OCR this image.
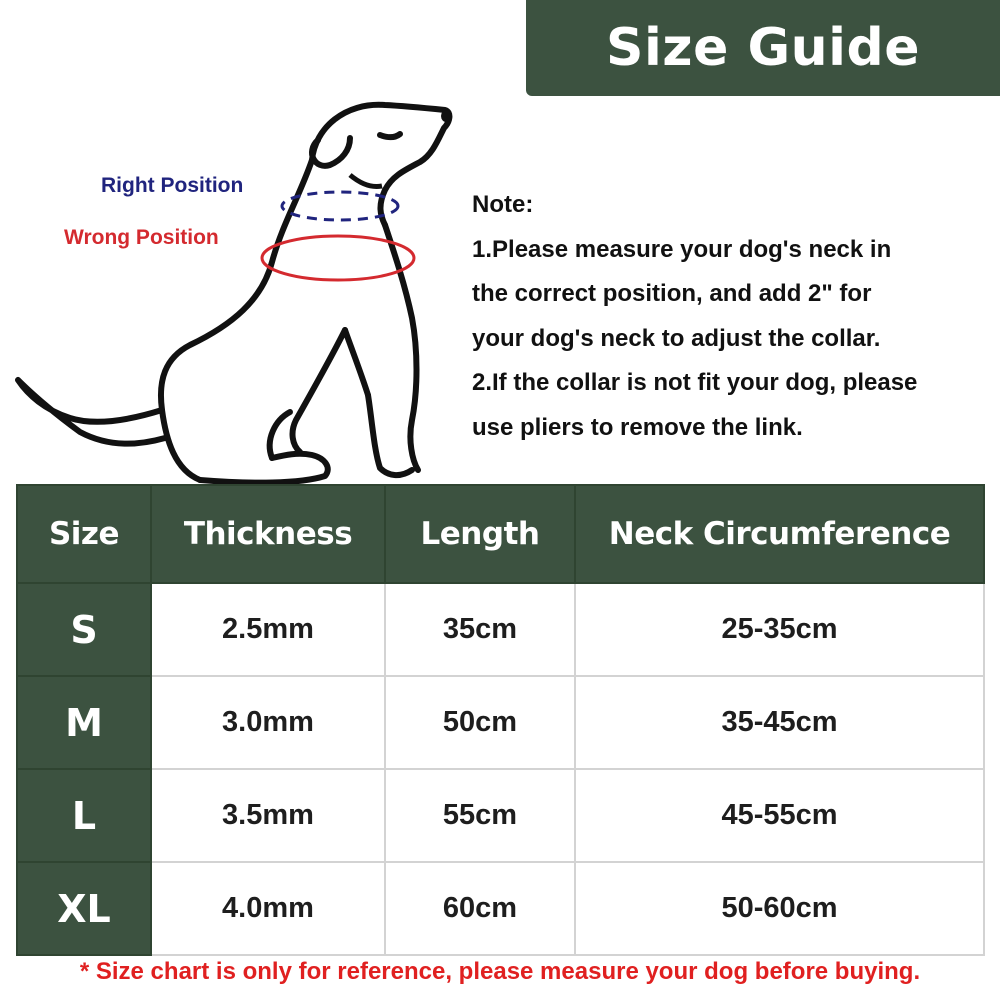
Size Guide
Right Position
Wrong Position
Note:
1.Please measure your dog's neck in
the correct position, and add 2" for
your dog's neck to adjust the collar.
2.If the collar is not fit your dog, please
use pliers to remove the link.
Size	Thickness	Length	Neck Circumference
S	2.5mm	35cm	25-35cm
M	3.0mm	50cm	35-45cm
L	3.5mm	55cm	45-55cm
XL	4.0mm	60cm	50-60cm
* Size chart is only for reference, please measure your dog before buying.
